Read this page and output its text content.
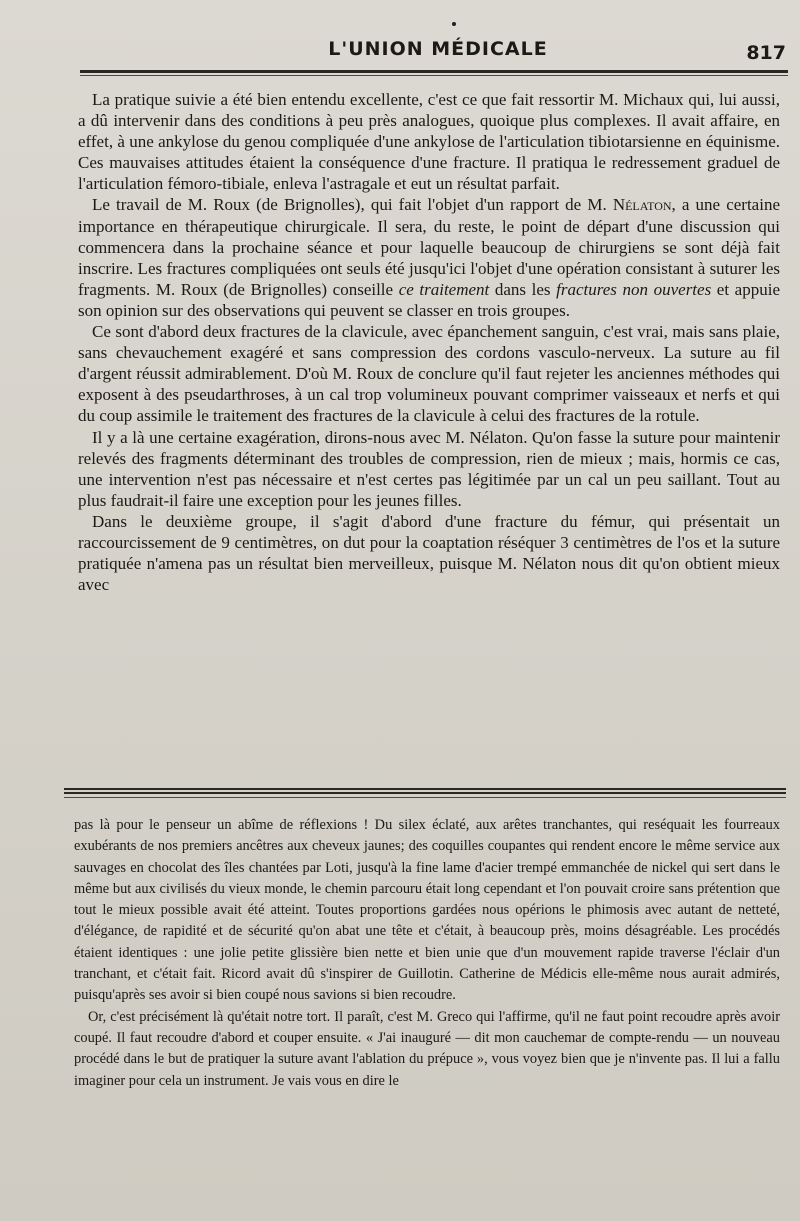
L'UNION MÉDICALE	817

La pratique suivie a été bien entendu excellente, c'est ce que fait ressortir M. Michaux qui, lui aussi, a dû intervenir dans des conditions à peu près analogues, quoique plus complexes. Il avait affaire, en effet, à une ankylose du genou compliquée d'une ankylose de l'articulation tibiotarsienne en équinisme. Ces mauvaises attitudes étaient la conséquence d'une fracture. Il pratiqua le redressement graduel de l'articulation fémoro-tibiale, enleva l'astragale et eut un résultat parfait.

Le travail de M. Roux (de Brignolles), qui fait l'objet d'un rapport de M. Nélaton, a une certaine importance en thérapeutique chirurgicale. Il sera, du reste, le point de départ d'une discussion qui commencera dans la prochaine séance et pour laquelle beaucoup de chirurgiens se sont déjà fait inscrire. Les fractures compliquées ont seuls été jusqu'ici l'objet d'une opération consistant à suturer les fragments. M. Roux (de Brignolles) conseille ce traitement dans les fractures non ouvertes et appuie son opinion sur des observations qui peuvent se classer en trois groupes.

Ce sont d'abord deux fractures de la clavicule, avec épanchement sanguin, c'est vrai, mais sans plaie, sans chevauchement exagéré et sans compression des cordons vasculo-nerveux. La suture au fil d'argent réussit admirablement. D'où M. Roux de conclure qu'il faut rejeter les anciennes méthodes qui exposent à des pseudarthroses, à un cal trop volumineux pouvant comprimer vaisseaux et nerfs et qui du coup assimile le traitement des fractures de la clavicule à celui des fractures de la rotule.

Il y a là une certaine exagération, dirons-nous avec M. Nélaton. Qu'on fasse la suture pour maintenir relevés des fragments déterminant des troubles de compression, rien de mieux ; mais, hormis ce cas, une intervention n'est pas nécessaire et n'est certes pas légitimée par un cal un peu saillant. Tout au plus faudrait-il faire une exception pour les jeunes filles.

Dans le deuxième groupe, il s'agit d'abord d'une fracture du fémur, qui présentait un raccourcissement de 9 centimètres, on dut pour la coaptation réséquer 3 centimètres de l'os et la suture pratiquée n'amena pas un résultat bien merveilleux, puisque M. Nélaton nous dit qu'on obtient mieux avec

pas là pour le penseur un abîme de réflexions ! Du silex éclaté, aux arêtes tranchantes, qui reséquait les fourreaux exubérants de nos premiers ancêtres aux cheveux jaunes; des coquilles coupantes qui rendent encore le même service aux sauvages en chocolat des îles chantées par Loti, jusqu'à la fine lame d'acier trempé emmanchée de nickel qui sert dans le même but aux civilisés du vieux monde, le chemin parcouru était long cependant et l'on pouvait croire sans prétention que tout le mieux possible avait été atteint. Toutes proportions gardées nous opérions le phimosis avec autant de netteté, d'élégance, de rapidité et de sécurité qu'on abat une tête et c'était, à beaucoup près, moins désagréable. Les procédés étaient identiques : une jolie petite glissière bien nette et bien unie que d'un mouvement rapide traverse l'éclair d'un tranchant, et c'était fait. Ricord avait dû s'inspirer de Guillotin. Catherine de Médicis elle-même nous aurait admirés, puisqu'après ses avoir si bien coupé nous savions si bien recoudre.

Or, c'est précisément là qu'était notre tort. Il paraît, c'est M. Greco qui l'affirme, qu'il ne faut point recoudre après avoir coupé. Il faut recoudre d'abord et couper ensuite. « J'ai inauguré — dit mon cauchemar de compte-rendu — un nouveau procédé dans le but de pratiquer la suture avant l'ablation du prépuce », vous voyez bien que je n'invente pas. Il lui a fallu imaginer pour cela un instrument. Je vais vous en dire le
